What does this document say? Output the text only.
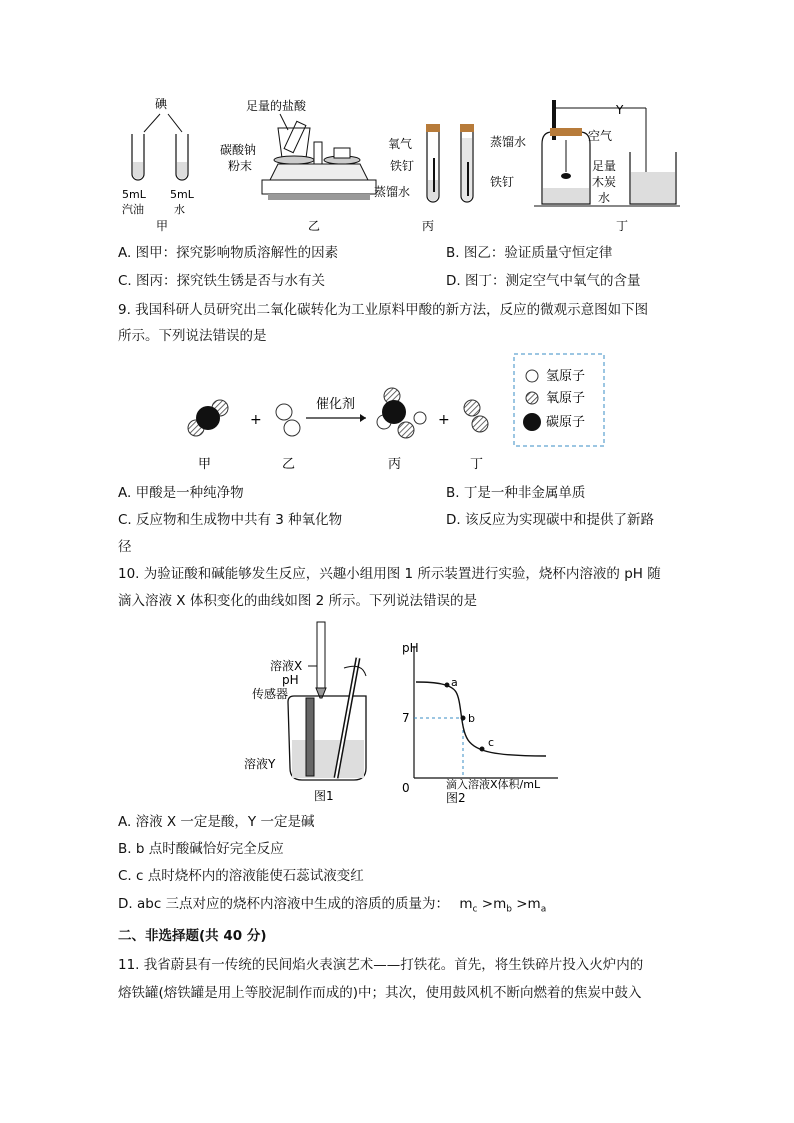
碘
5mL
汽油
5mL
水
甲
足量的盐酸
碳酸钠
粉末
乙
氧气
铁钉
蒸馏水
蒸馏水
铁钉
丙
Y
空气
足量
木炭
水
丁
A. 图甲：探究影响物质溶解性的因素	B. 图乙：验证质量守恒定律
C. 图丙：探究铁生锈是否与水有关	D. 图丁：测定空气中氧气的含量
9. 我国科研人员研究出二氧化碳转化为工业原料甲酸的新方法，反应的微观示意图如下图
所示。下列说法错误的是
+
催化剂
+
氢原子
氧原子
碳原子
甲	乙	丙	丁
A. 甲酸是一种纯净物	B. 丁是一种非金属单质
C. 反应物和生成物中共有 3 种氧化物	D. 该反应为实现碳中和提供了新路
径
10. 为验证酸和碱能够发生反应，兴趣小组用图 1 所示装置进行实验，烧杯内溶液的 pH 随
滴入溶液 X 体积变化的曲线如图 2 所示。下列说法错误的是
溶液X
pH
传感器
溶液Y
图1
pH
0	滴入溶液X体积/mL
图2
7
a
b
c
A. 溶液 X 一定是酸，Y 一定是碱
B. b 点时酸碱恰好完全反应
C. c 点时烧杯内的溶液能使石蕊试液变红
D. abc 三点对应的烧杯内溶液中生成的溶质的质量为： $m_c >m_b >m_a$
二、非选择题(共 40 分)
11. 我省蔚县有一传统的民间焰火表演艺术——打铁花。首先，将生铁碎片投入火炉内的
熔铁罐(熔铁罐是用上等胶泥制作而成的)中；其次，使用鼓风机不断向燃着的焦炭中鼓入
